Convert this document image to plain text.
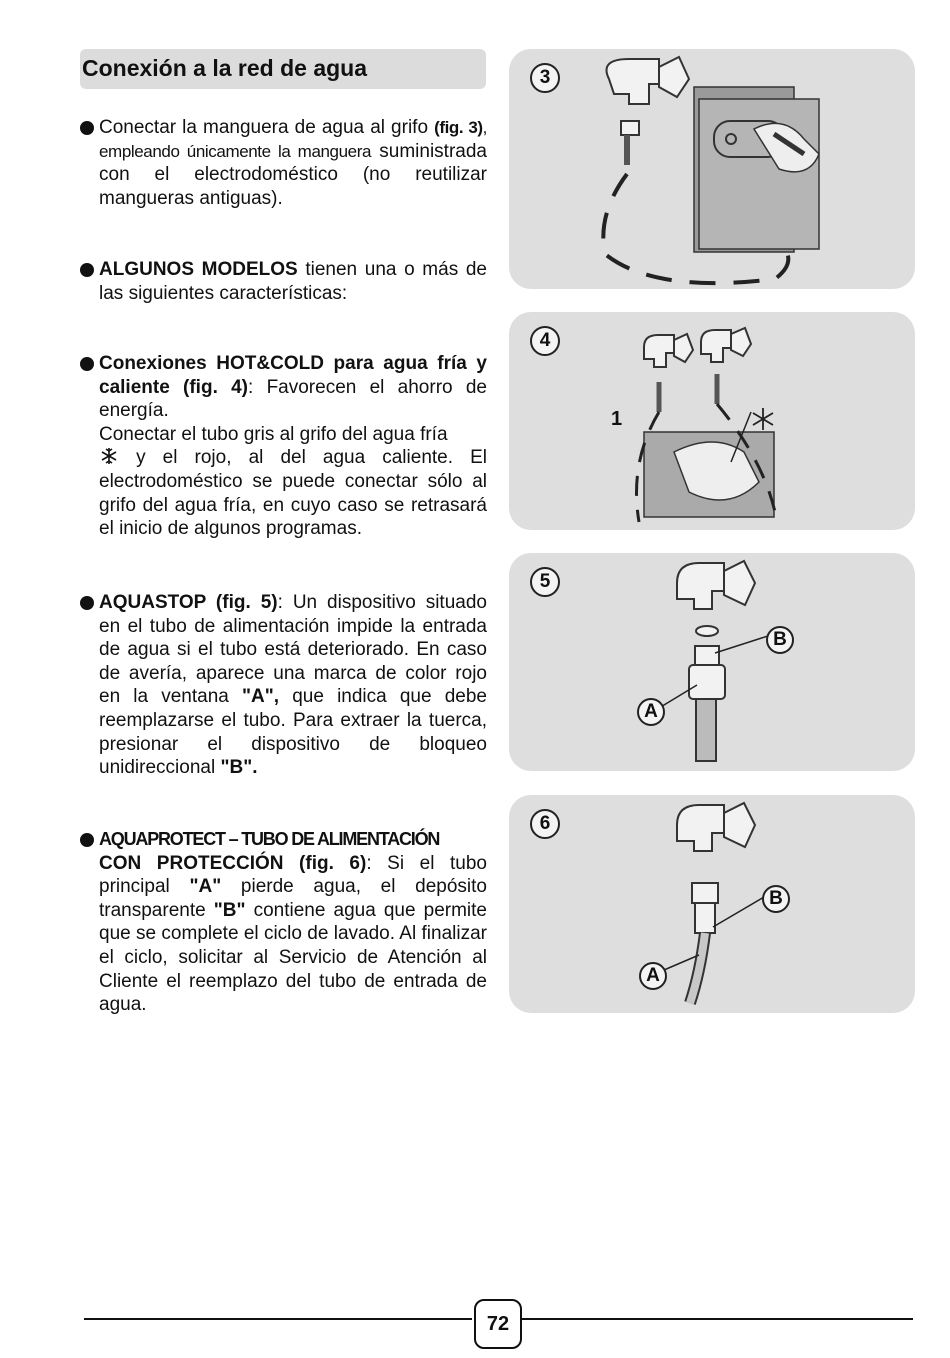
Conexión a la red de agua
Conectar la manguera de agua al grifo (fig. 3), empleando únicamente la manguera suministrada con el electrodoméstico (no reutilizar mangueras antiguas).
ALGUNOS MODELOS tienen una o más de las siguientes características:
Conexiones HOT&COLD para agua fría y caliente (fig. 4): Favorecen el ahorro de energía.
Conectar el tubo gris al grifo del agua fría
y el rojo, al del agua caliente. El electrodoméstico se puede conectar sólo al grifo del agua fría, en cuyo caso se retrasará el inicio de algunos programas.
AQUASTOP (fig. 5): Un dispositivo situado en el tubo de alimentación impide la entrada de agua si el tubo está deteriorado. En caso de avería, aparece una marca de color rojo en la ventana "A", que indica que debe reemplazarse el tubo. Para extraer la tuerca, presionar el dispositivo de bloqueo unidireccional "B".
AQUAPROTECT – TUBO DE ALIMENTACIÓN
CON PROTECCIÓN (fig. 6): Si el tubo principal "A" pierde agua, el depósito transparente "B" contiene agua que permite que se complete el ciclo de lavado. Al finalizar el ciclo, solicitar al Servicio de Atención al Cliente el reemplazo del tubo de entrada de agua.
3
4
1
5
B
A
6
B
A
72
